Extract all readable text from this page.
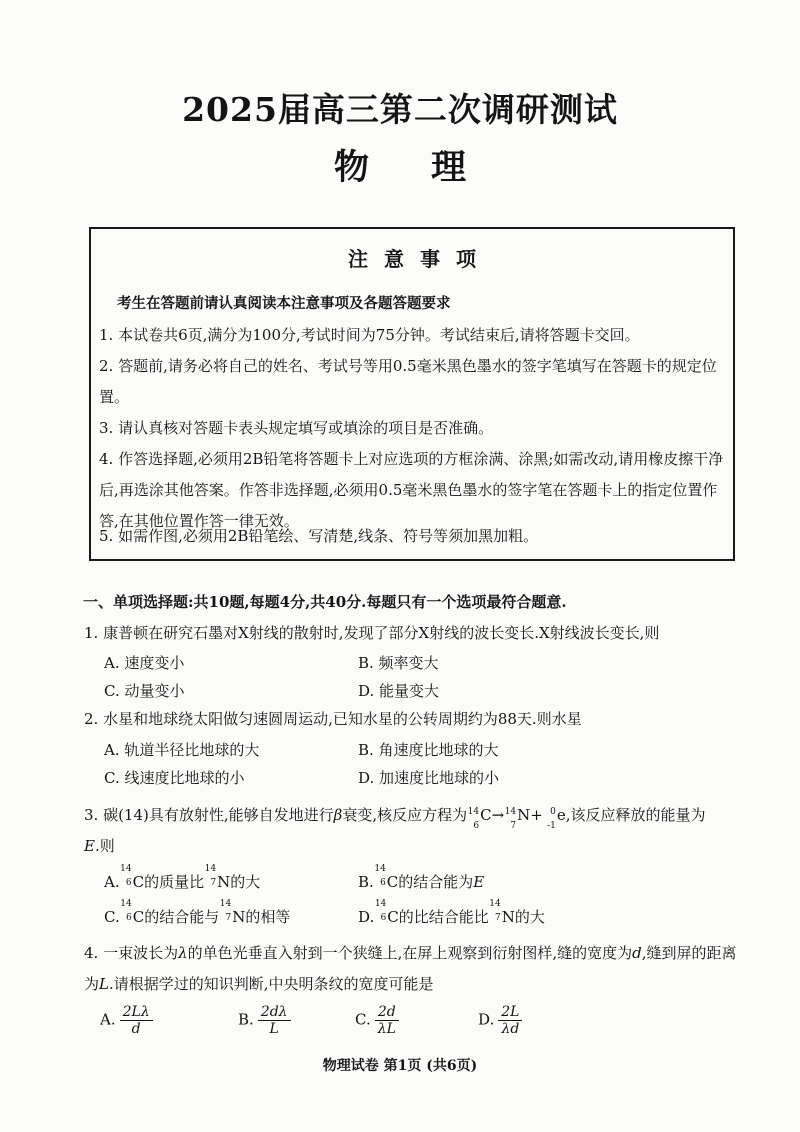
2025届高三第二次调研测试
物理
注意事项
考生在答题前请认真阅读本注意事项及各题答题要求
1. 本试卷共6页,满分为100分,考试时间为75分钟。考试结束后,请将答题卡交回。
2. 答题前,请务必将自己的姓名、考试号等用0.5毫米黑色墨水的签字笔填写在答题卡的规定位置。
3. 请认真核对答题卡表头规定填写或填涂的项目是否准确。
4. 作答选择题,必须用2B铅笔将答题卡上对应选项的方框涂满、涂黑;如需改动,请用橡皮擦干净后,再选涂其他答案。作答非选择题,必须用0.5毫米黑色墨水的签字笔在答题卡上的指定位置作答,在其他位置作答一律无效。
5. 如需作图,必须用2B铅笔绘、写清楚,线条、符号等须加黑加粗。
一、单项选择题:共10题,每题4分,共40分.每题只有一个选项最符合题意.
1. 康普顿在研究石墨对X射线的散射时,发现了部分X射线的波长变长.X射线波长变长,则
A. 速度变小	B. 频率变大
C. 动量变小	D. 能量变大
2. 水星和地球绕太阳做匀速圆周运动,已知水星的公转周期约为88天.则水星
A. 轨道半径比地球的大	B. 角速度比地球的大
C. 线速度比地球的小	D. 加速度比地球的小
3. 碳(14)具有放射性,能够自发地进行β衰变,核反应方程为 14
6
C→ 14
7
N+ 0
-1
e,该反应释放的能量为
E.则
A.
14
6 C的质量比
14
7 N的大	B.
14
6 C的结合能为E
C.
14
6 C的结合能与
14
7 N的相等	D.
14
6 C的比结合能比
14
7 N的大
4. 一束波长为λ的单色光垂直入射到一个狭缝上,在屏上观察到衍射图样,缝的宽度为d,缝到屏的距离为L.请根据学过的知识判断,中央明条纹的宽度可能是
A. $\frac{2L\lambda}{d}$	B. $\frac{2d\lambda}{L}$	C. $\frac{2d}{\lambda L}$	D. $\frac{2L}{\lambda d}$
物理试卷 第1页 (共6页)
